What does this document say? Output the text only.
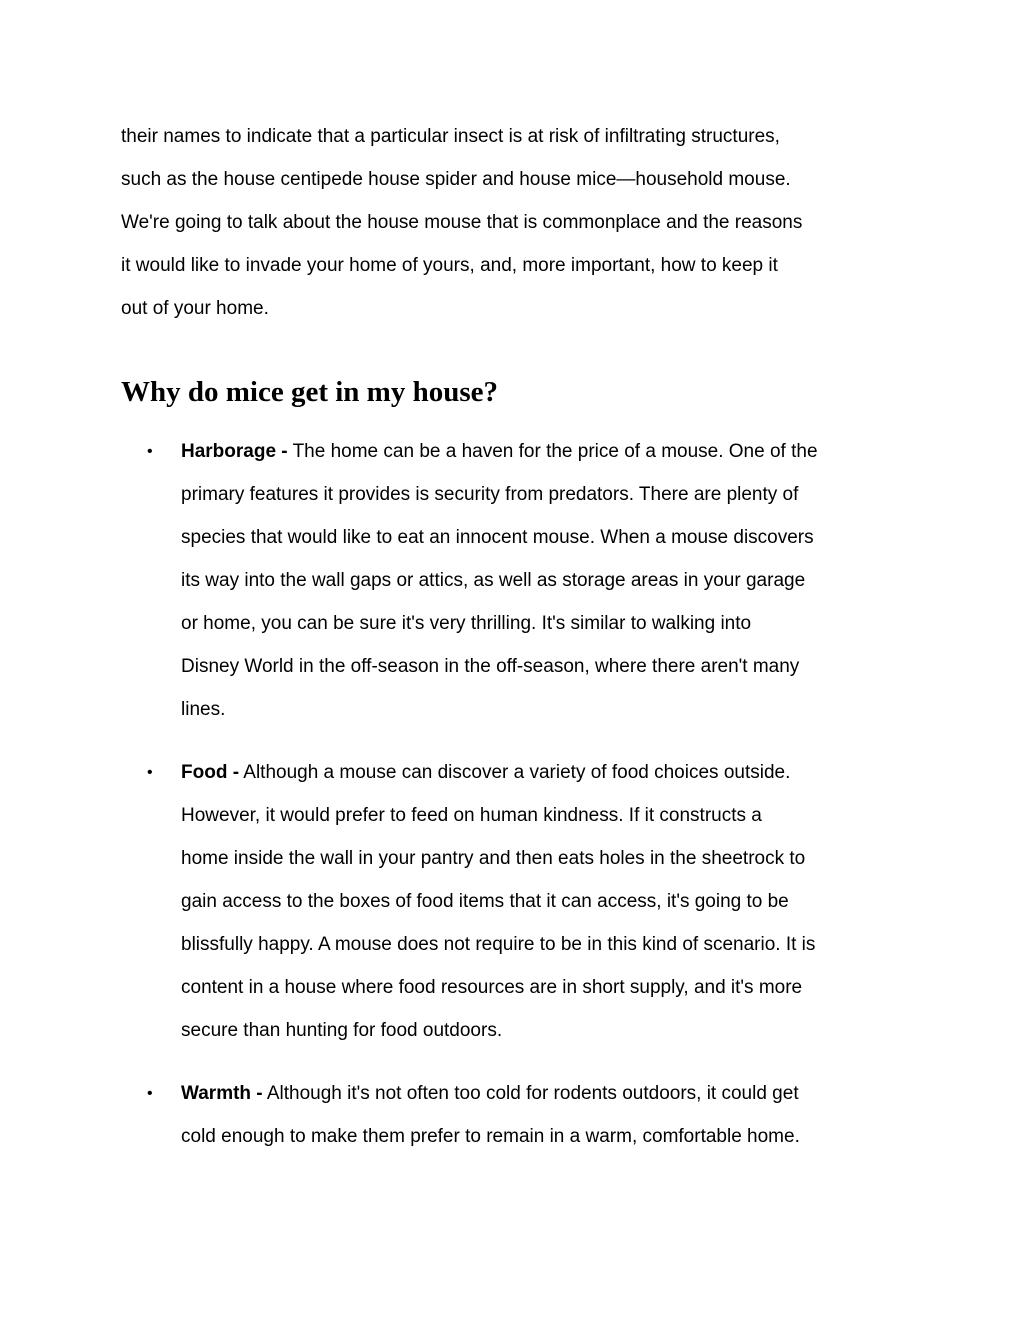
their names to indicate that a particular insect is at risk of infiltrating structures,
such as the house centipede house spider and house mice—household mouse.
We're going to talk about the house mouse that is commonplace and the reasons
it would like to invade your home of yours, and, more important, how to keep it
out of your home.

Why do mice get in my house?
• Harborage - The home can be a haven for the price of a mouse. One of the
primary features it provides is security from predators. There are plenty of
species that would like to eat an innocent mouse. When a mouse discovers
its way into the wall gaps or attics, as well as storage areas in your garage
or home, you can be sure it's very thrilling. It's similar to walking into
Disney World in the off-season in the off-season, where there aren't many
lines.
• Food - Although a mouse can discover a variety of food choices outside.
However, it would prefer to feed on human kindness. If it constructs a
home inside the wall in your pantry and then eats holes in the sheetrock to
gain access to the boxes of food items that it can access, it's going to be
blissfully happy. A mouse does not require to be in this kind of scenario. It is
content in a house where food resources are in short supply, and it's more
secure than hunting for food outdoors.
• Warmth - Although it's not often too cold for rodents outdoors, it could get
cold enough to make them prefer to remain in a warm, comfortable home.
